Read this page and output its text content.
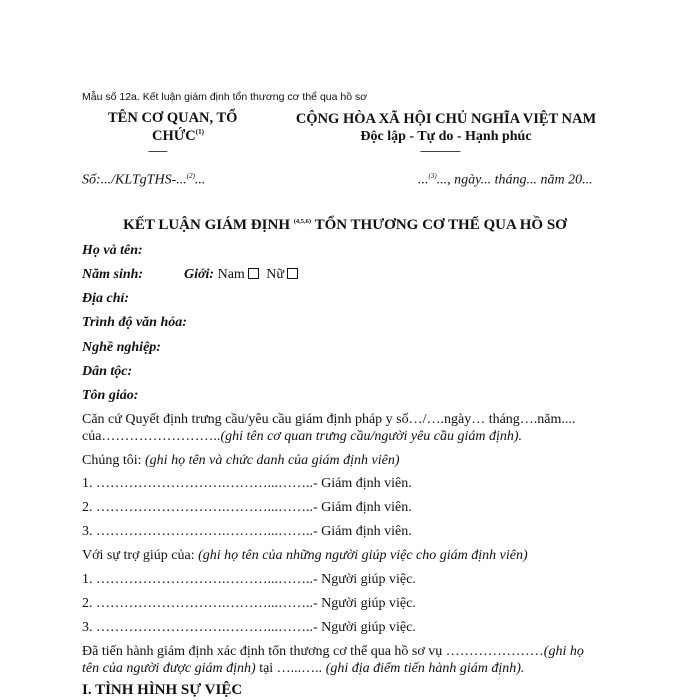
Mẫu số 12a. Kết luận giám định tổn thương cơ thể qua hồ sơ
TÊN CƠ QUAN, TỔ
CHỨC$^{(1)}$
-------
CỘNG HÒA XÃ HỘI CHỦ NGHĨA VIỆT NAM
Độc lập - Tự do - Hạnh phúc
---------------
Số:.../KLTgTHS-...$^{(2)}$...	...$^{(3)}$..., ngày... tháng... năm 20...
KẾT LUẬN GIÁM ĐỊNH $^{(4,5,6)}$ TỔN THƯƠNG CƠ THỂ QUA HỒ SƠ
Họ và tên:
Năm sinh:	Giới: Nam Nữ
Địa chỉ:
Trình độ văn hóa:
Nghề nghiệp:
Dân tộc:
Tôn giáo:
Căn cứ Quyết định trưng cầu/yêu cầu giám định pháp y số…/….ngày… tháng….năm....
của……………………..(ghi tên cơ quan trưng cầu/người yêu cầu giám định).
Chúng tôi: (ghi họ tên và chức danh của giám định viên)
1. ……………………….………...……..- Giám định viên.
2. ……………………….………...……..- Giám định viên.
3. ……………………….………...……..- Giám định viên.
Với sự trợ giúp của: (ghi họ tên của những người giúp việc cho giám định viên)
1. ……………………….………...……..- Người giúp việc.
2. ……………………….………...……..- Người giúp việc.
3. ……………………….………...……..- Người giúp việc.
Đã tiến hành giám định xác định tổn thương cơ thể qua hồ sơ vụ …………………(ghi họ
tên của người được giám định) tại …...….. (ghi địa điểm tiến hành giám định).
I. TÌNH HÌNH SỰ VIỆC
